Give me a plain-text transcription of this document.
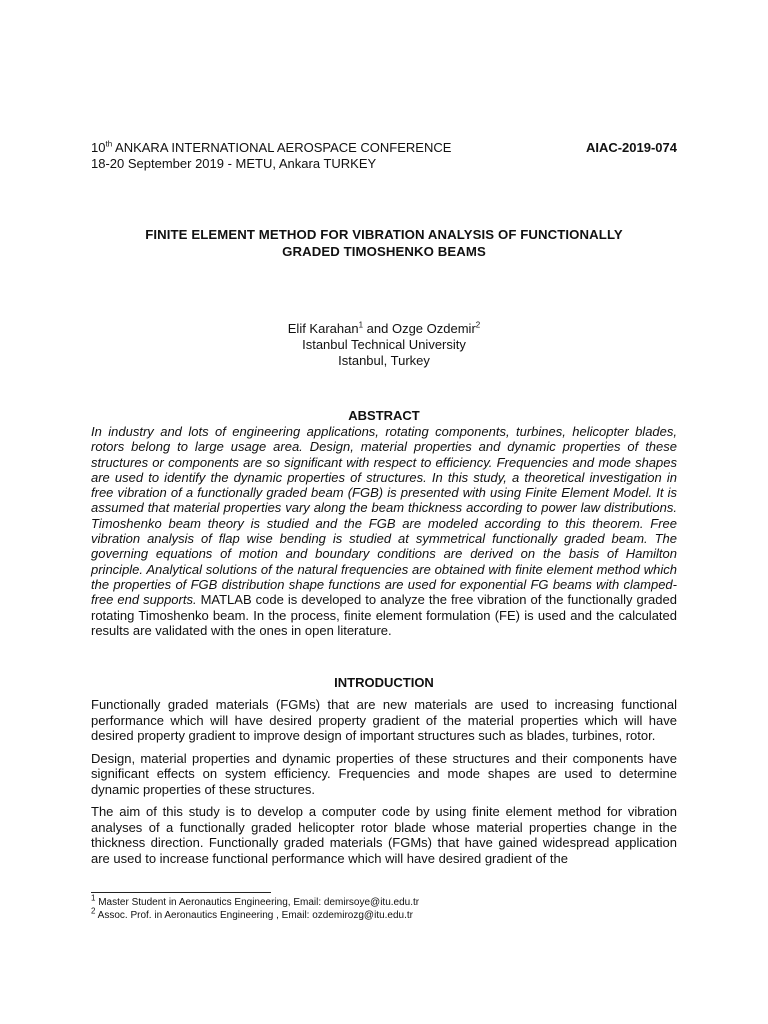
10th ANKARA INTERNATIONAL AEROSPACE CONFERENCE	AIAC-2019-074
18-20 September 2019 - METU, Ankara TURKEY
FINITE ELEMENT METHOD FOR VIBRATION ANALYSIS OF FUNCTIONALLY
GRADED TIMOSHENKO BEAMS
Elif Karahan$^1$ and Ozge Ozdemir$^2$
Istanbul Technical University
Istanbul, Turkey
ABSTRACT
In industry and lots of engineering applications, rotating components, turbines, helicopter blades, rotors belong to large usage area. Design, material properties and dynamic properties of these structures or components are so significant with respect to efficiency. Frequencies and mode shapes are used to identify the dynamic properties of structures. In this study, a theoretical investigation in free vibration of a functionally graded beam (FGB) is presented with using Finite Element Model. It is assumed that material properties vary along the beam thickness according to power law distributions. Timoshenko beam theory is studied and the FGB are modeled according to this theorem. Free vibration analysis of flap wise bending is studied at symmetrical functionally graded beam. The governing equations of motion and boundary conditions are derived on the basis of Hamilton principle. Analytical solutions of the natural frequencies are obtained with finite element method which the properties of FGB distribution shape functions are used for exponential FG beams with clamped-free end supports. MATLAB code is developed to analyze the free vibration of the functionally graded rotating Timoshenko beam. In the process, finite element formulation (FE) is used and the calculated results are validated with the ones in open literature.
INTRODUCTION

Functionally graded materials (FGMs) that are new materials are used to increasing functional performance which will have desired property gradient of the material properties which will have desired property gradient to improve design of important structures such as blades, turbines, rotor.

Design, material properties and dynamic properties of these structures and their components have significant effects on system efficiency. Frequencies and mode shapes are used to determine dynamic properties of these structures.

The aim of this study is to develop a computer code by using finite element method for vibration analyses of a functionally graded helicopter rotor blade whose material properties change in the thickness direction. Functionally graded materials (FGMs) that have gained widespread application are used to increase functional performance which will have desired gradient of the

$^1$ Master Student in Aeronautics Engineering, Email: demirsoye@itu.edu.tr
$^2$ Assoc. Prof. in Aeronautics Engineering , Email: ozdemirozg@itu.edu.tr
